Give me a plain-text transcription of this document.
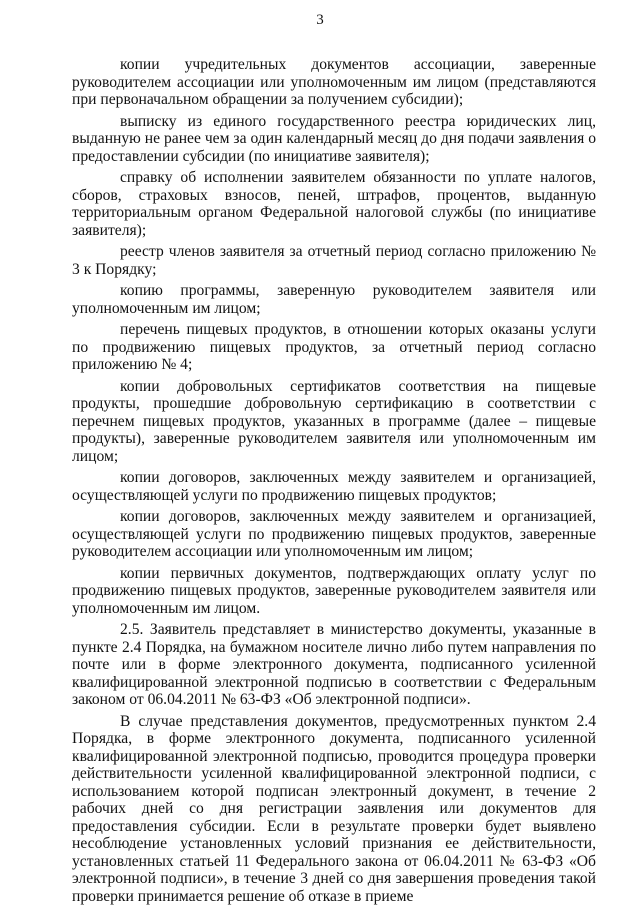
3

копии учредительных документов ассоциации, заверенные руководителем ассоциации или уполномоченным им лицом (представляются при первоначальном обращении за получением субсидии);

выписку из единого государственного реестра юридических лиц, выданную не ранее чем за один календарный месяц до дня подачи заявления о предоставлении субсидии (по инициативе заявителя);

справку об исполнении заявителем обязанности по уплате налогов, сборов, страховых взносов, пеней, штрафов, процентов, выданную территориальным органом Федеральной налоговой службы (по инициативе заявителя);

реестр членов заявителя за отчетный период согласно приложению № 3 к Порядку;

копию программы, заверенную руководителем заявителя или уполномоченным им лицом;

перечень пищевых продуктов, в отношении которых оказаны услуги по продвижению пищевых продуктов, за отчетный период согласно приложению № 4;

копии добровольных сертификатов соответствия на пищевые продукты, прошедшие добровольную сертификацию в соответствии с перечнем пищевых продуктов, указанных в программе (далее – пищевые продукты), заверенные руководителем заявителя или уполномоченным им лицом;

копии договоров, заключенных между заявителем и организацией, осуществляющей услуги по продвижению пищевых продуктов;

копии договоров, заключенных между заявителем и организацией, осуществляющей услуги по продвижению пищевых продуктов, заверенные руководителем ассоциации или уполномоченным им лицом;

копии первичных документов, подтверждающих оплату услуг по продвижению пищевых продуктов, заверенные руководителем заявителя или уполномоченным им лицом.

2.5. Заявитель представляет в министерство документы, указанные в пункте 2.4 Порядка, на бумажном носителе лично либо путем направления по почте или в форме электронного документа, подписанного усиленной квалифицированной электронной подписью в соответствии с Федеральным законом от 06.04.2011 № 63-ФЗ «Об электронной подписи».

В случае представления документов, предусмотренных пунктом 2.4 Порядка, в форме электронного документа, подписанного усиленной квалифицированной электронной подписью, проводится процедура проверки действительности усиленной квалифицированной электронной подписи, с использованием которой подписан электронный документ, в течение 2 рабочих дней со дня регистрации заявления или документов для предоставления субсидии. Если в результате проверки будет выявлено несоблюдение установленных условий признания ее действительности, установленных статьей 11 Федерального закона от 06.04.2011 № 63-ФЗ «Об электронной подписи», в течение 3 дней со дня завершения проведения такой проверки принимается решение об отказе в приеме
